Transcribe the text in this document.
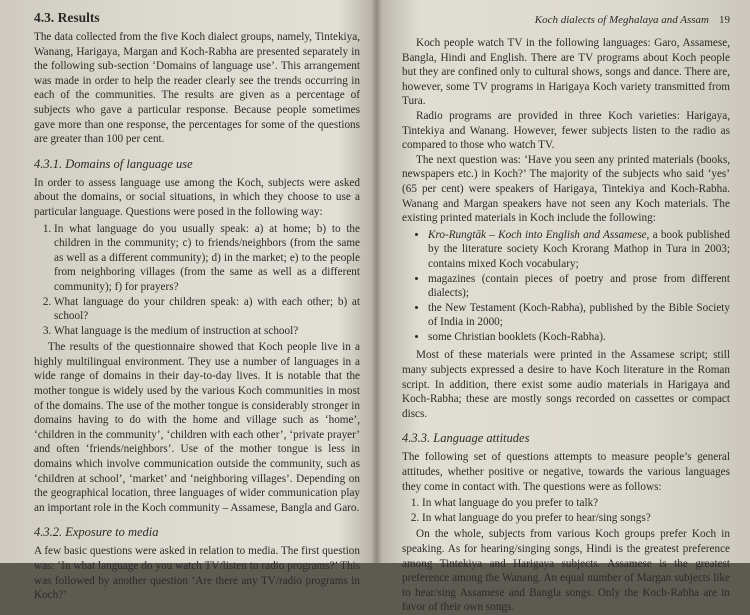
4.3. Results

The data collected from the five Koch dialect groups, namely, Tintekiya, Wanang, Harigaya, Margan and Koch-Rabha are presented separately in the following sub-section ‘Domains of language use’. This arrangement was made in order to help the reader clearly see the trends occurring in each of the communities. The results are given as a percentage of subjects who gave a particular response. Because people sometimes gave more than one response, the percentages for some of the questions are greater than 100 per cent.

4.3.1. Domains of language use

In order to assess language use among the Koch, subjects were asked about the domains, or social situations, in which they choose to use a particular language. Questions were posed in the following way:

1. In what language do you usually speak: a) at home; b) to the children in the community; c) to friends/neighbors (from the same as well as a different community); d) in the market; e) to the people from neighboring villages (from the same as well as a different community); f) for prayers?
2. What language do your children speak: a) with each other; b) at school?
3. What language is the medium of instruction at school?

The results of the questionnaire showed that Koch people live in a highly multilingual environment. They use a number of languages in a wide range of domains in their day-to-day lives. It is notable that the mother tongue is widely used by the various Koch communities in most of the domains. The use of the mother tongue is considerably stronger in domains having to do with the home and village such as ‘home’, ‘children in the community’, ‘children with each other’, ‘private prayer’ and often ‘friends/neighbors’. Use of the mother tongue is less in domains which involve communication outside the community, such as ‘children at school’, ‘market’ and ‘neighboring villages’. Depending on the geographical location, three languages of wider communication play an important role in the Koch community – Assamese, Bangla and Garo.

4.3.2. Exposure to media

A few basic questions were asked in relation to media. The first question was: ‘In what language do you watch TV/listen to radio programs?’ This was followed by another question ‘Are there any TV/radio programs in Koch?’

Koch dialects of Meghalaya and Assam 19

Koch people watch TV in the following languages: Garo, Assamese, Bangla, Hindi and English. There are TV programs about Koch people but they are confined only to cultural shows, songs and dance. There are, however, some TV programs in Harigaya Koch variety transmitted from Tura.

Radio programs are provided in three Koch varieties: Harigaya, Tintekiya and Wanang. However, fewer subjects listen to the radio as compared to those who watch TV.

The next question was: ‘Have you seen any printed materials (books, newspapers etc.) in Koch?’ The majority of the subjects who said ‘yes’ (65 per cent) were speakers of Harigaya, Tintekiya and Koch-Rabha. Wanang and Margan speakers have not seen any Koch materials. The existing printed materials in Koch include the following:

• Kro-Rungtāk – Koch into English and Assamese, a book published by the literature society Koch Krorang Mathop in Tura in 2003; contains mixed Koch vocabulary;
• magazines (contain pieces of poetry and prose from different dialects);
• the New Testament (Koch-Rabha), published by the Bible Society of India in 2000;
• some Christian booklets (Koch-Rabha).

Most of these materials were printed in the Assamese script; still many subjects expressed a desire to have Koch literature in the Roman script. In addition, there exist some audio materials in Harigaya and Koch-Rabha; these are mostly songs recorded on cassettes or compact discs.

4.3.3. Language attitudes

The following set of questions attempts to measure people’s general attitudes, whether positive or negative, towards the various languages they come in contact with. The questions were as follows:

1. In what language do you prefer to talk?
2. In what language do you prefer to hear/sing songs?

On the whole, subjects from various Koch groups prefer Koch in speaking. As for hearing/singing songs, Hindi is the greatest preference among Tintekiya and Harigaya subjects. Assamese is the greatest preference among the Wanang. An equal number of Margan subjects like to hear/sing Assamese and Bangla songs. Only the Koch-Rabha are in favor of their own songs.
